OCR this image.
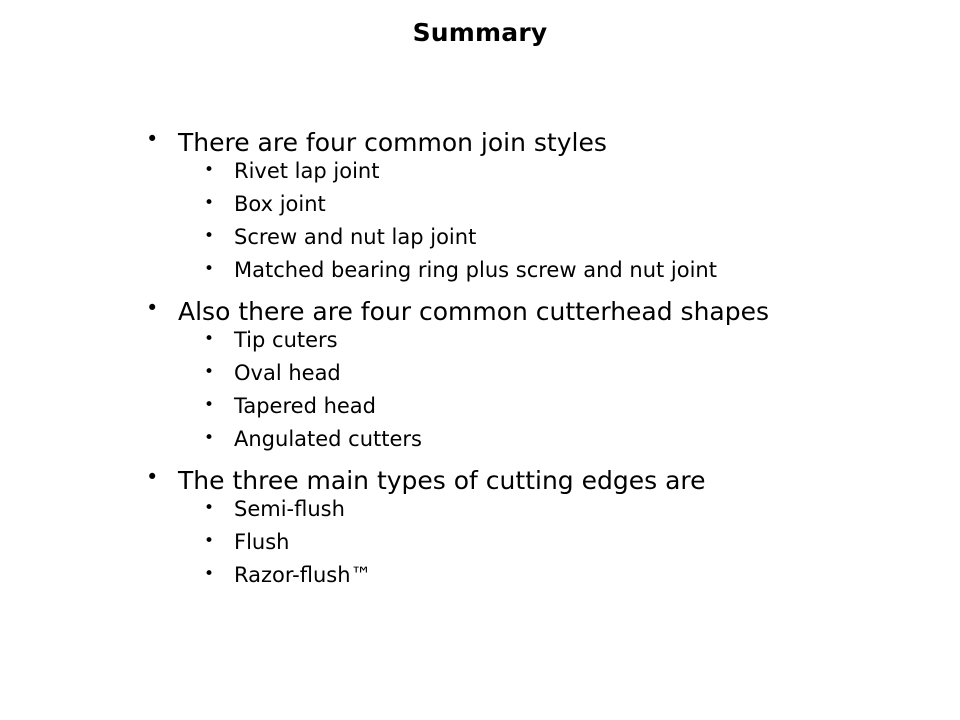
Summary
• There are four common join styles
• Rivet lap joint
• Box joint
• Screw and nut lap joint
• Matched bearing ring plus screw and nut joint
• Also there are four common cutterhead shapes
• Tip cuters
• Oval head
• Tapered head
• Angulated cutters
• The three main types of cutting edges are
• Semi-flush
• Flush
• Razor-flush™
